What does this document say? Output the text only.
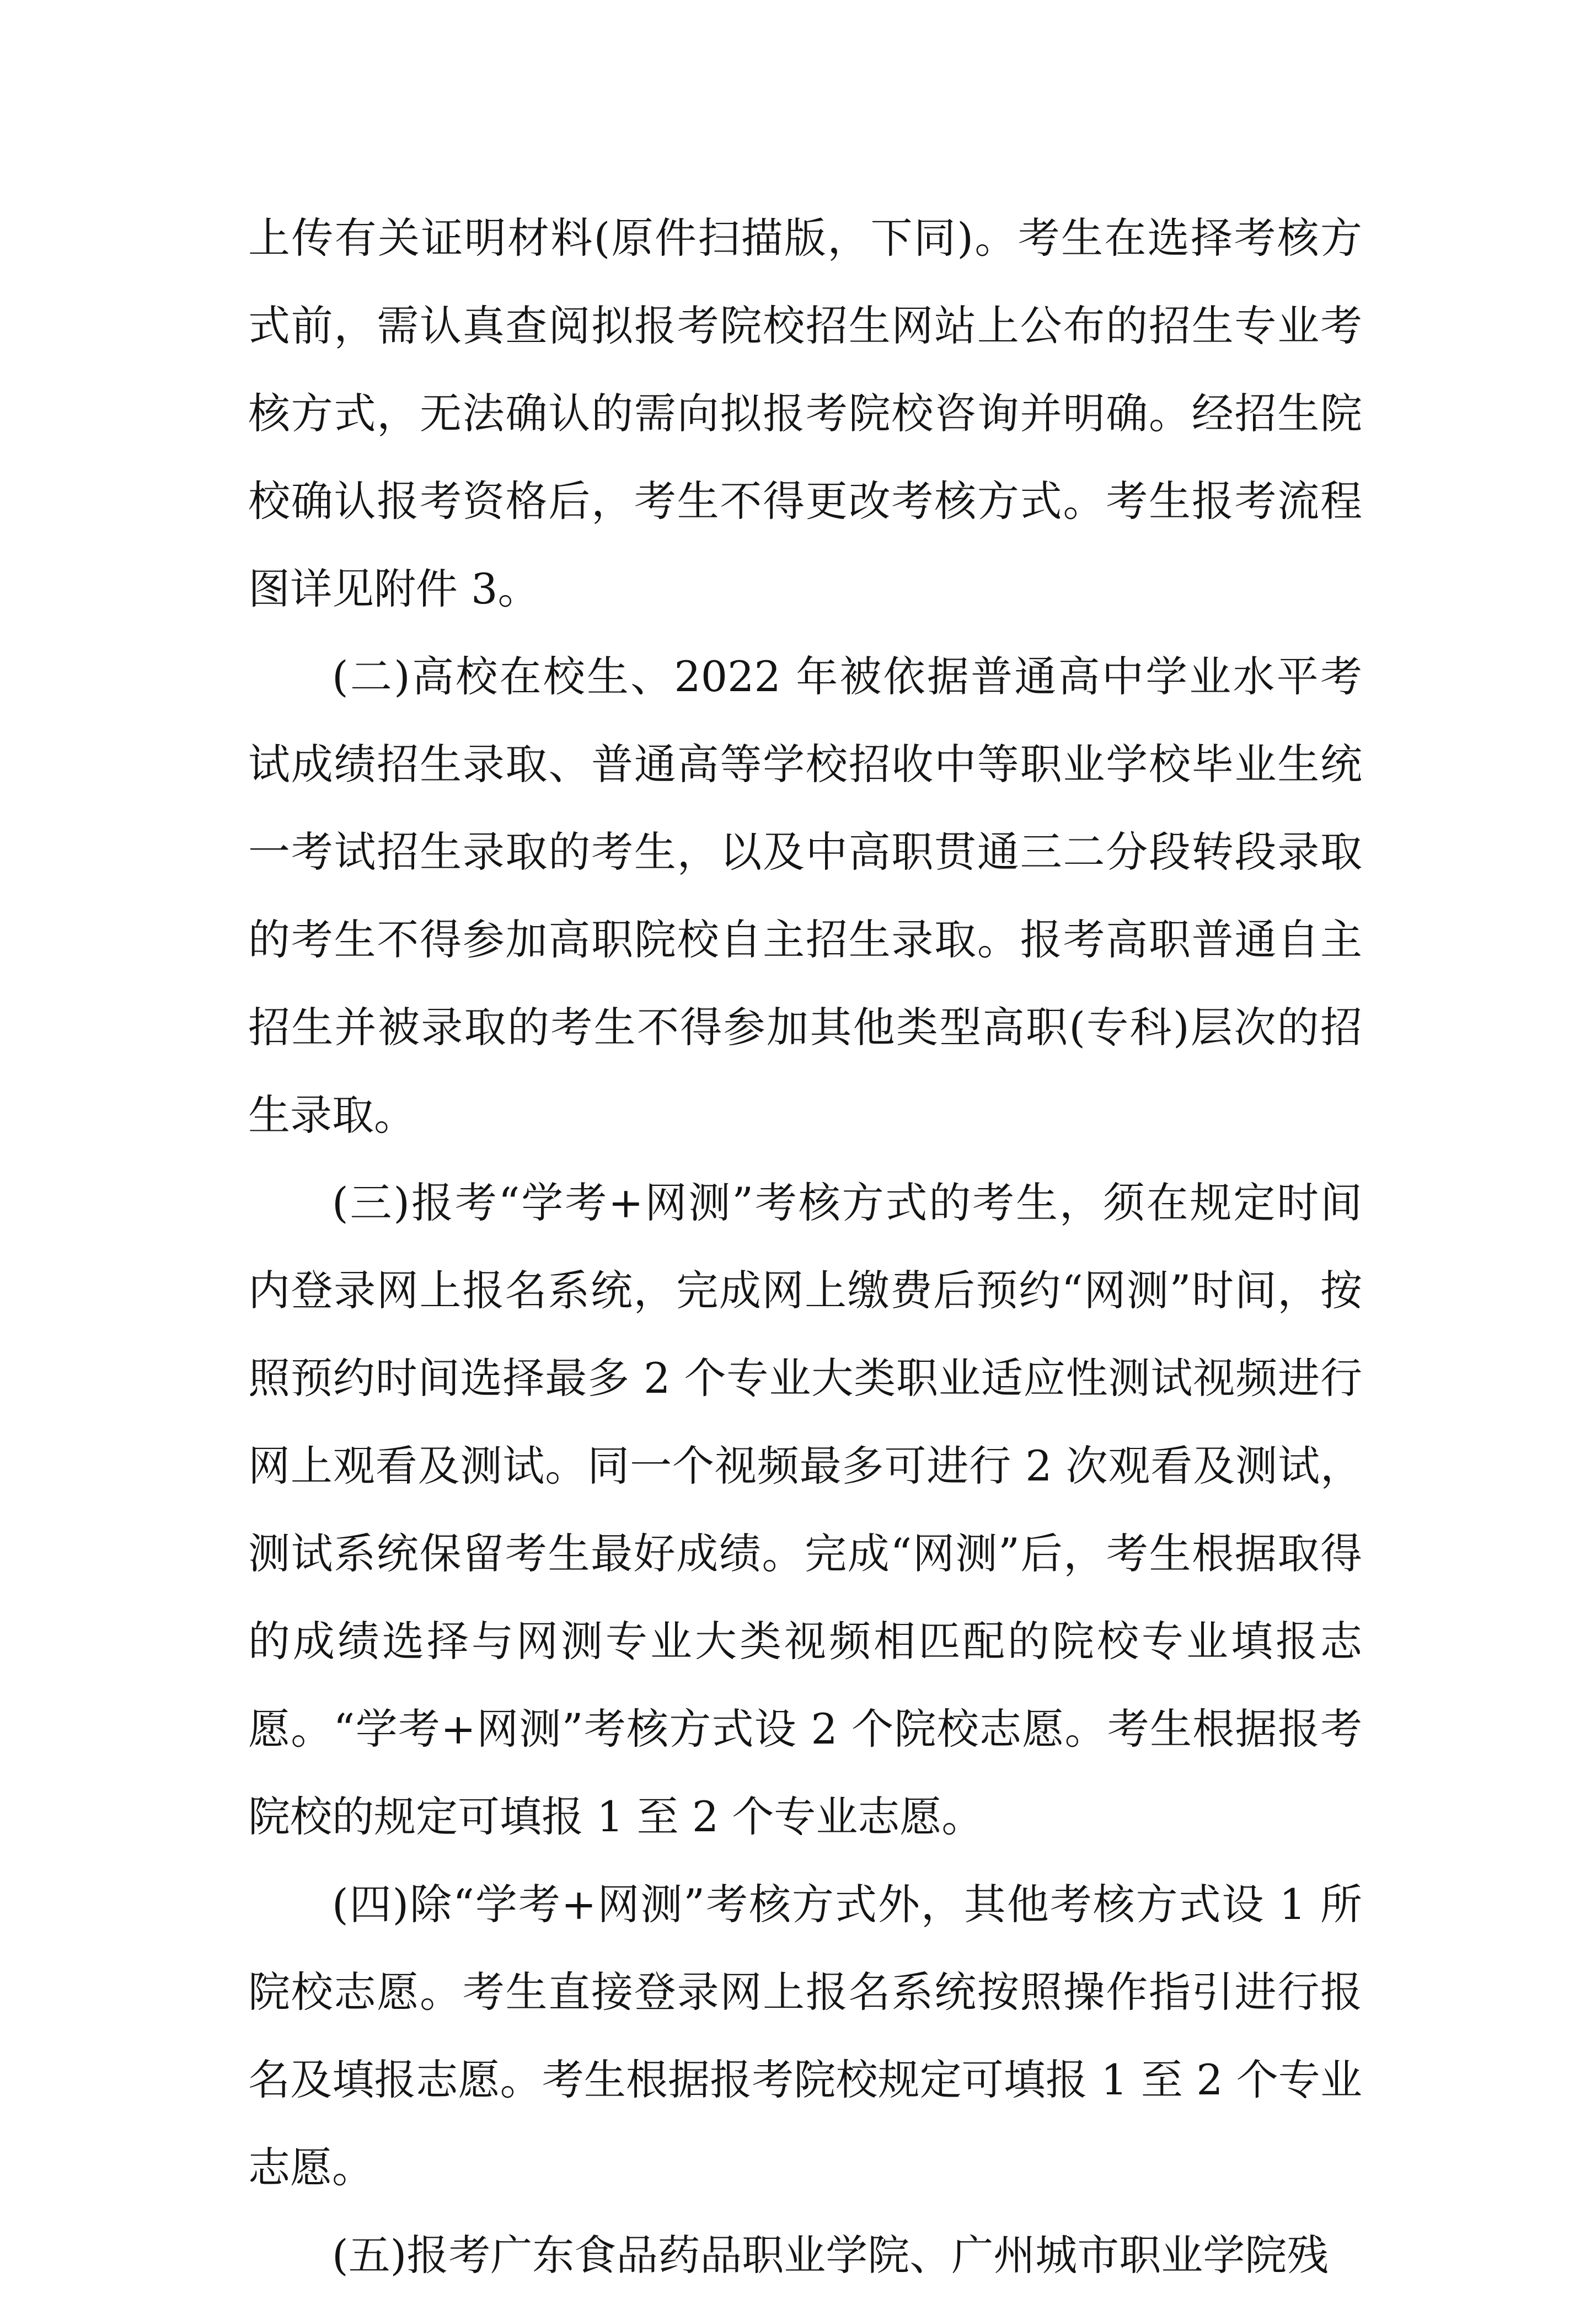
上传有关证明材料(原件扫描版，下同)。考生在选择考核方式前，需认真查阅拟报考院校招生网站上公布的招生专业考核方式，无法确认的需向拟报考院校咨询并明确。经招生院校确认报考资格后，考生不得更改考核方式。考生报考流程图详见附件 3。

(二)高校在校生、2022 年被依据普通高中学业水平考试成绩招生录取、普通高等学校招收中等职业学校毕业生统一考试招生录取的考生，以及中高职贯通三二分段转段录取的考生不得参加高职院校自主招生录取。报考高职普通自主招生并被录取的考生不得参加其他类型高职(专科)层次的招生录取。

(三)报考“学考+网测”考核方式的考生，须在规定时间内登录网上报名系统，完成网上缴费后预约“网测”时间，按照预约时间选择最多 2 个专业大类职业适应性测试视频进行网上观看及测试。同一个视频最多可进行 2 次观看及测试，测试系统保留考生最好成绩。完成“网测”后，考生根据取得的成绩选择与网测专业大类视频相匹配的院校专业填报志愿。“学考+网测”考核方式设 2 个院校志愿。考生根据报考院校的规定可填报 1 至 2 个专业志愿。

(四)除“学考+网测”考核方式外，其他考核方式设 1 所院校志愿。考生直接登录网上报名系统按照操作指引进行报名及填报志愿。考生根据报考院校规定可填报 1 至 2 个专业志愿。

(五)报考广东食品药品职业学院、广州城市职业学院残
